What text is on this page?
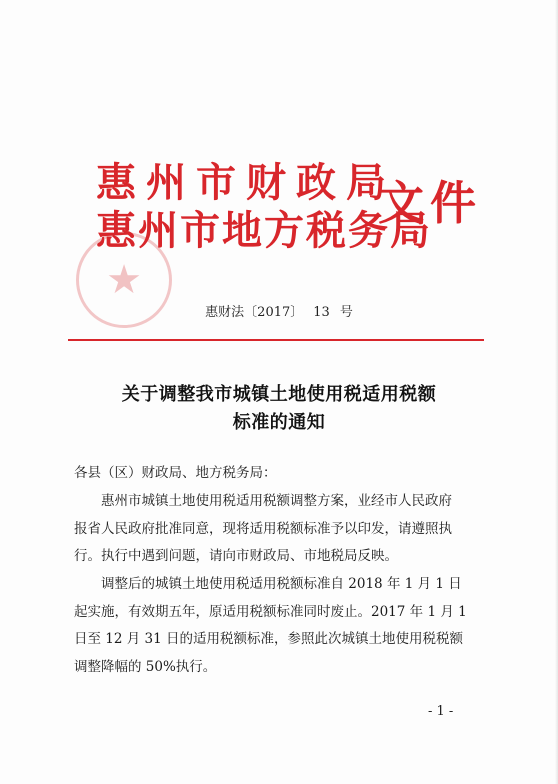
★
惠州市财政局
惠州市地方税务局
文件
惠财法〔2017〕 13 号
关于调整我市城镇土地使用税适用税额
标准的通知
各县（区）财政局、地方税务局：
惠州市城镇土地使用税适用税额调整方案，业经市人民政府
报省人民政府批准同意，现将适用税额标准予以印发，请遵照执
行。执行中遇到问题，请向市财政局、市地税局反映。
调整后的城镇土地使用税适用税额标准自 2018 年 1 月 1 日
起实施，有效期五年，原适用税额标准同时废止。2017 年 1 月 1
日至 12 月 31 日的适用税额标准，参照此次城镇土地使用税税额
调整降幅的 50%执行。
- 1 -
